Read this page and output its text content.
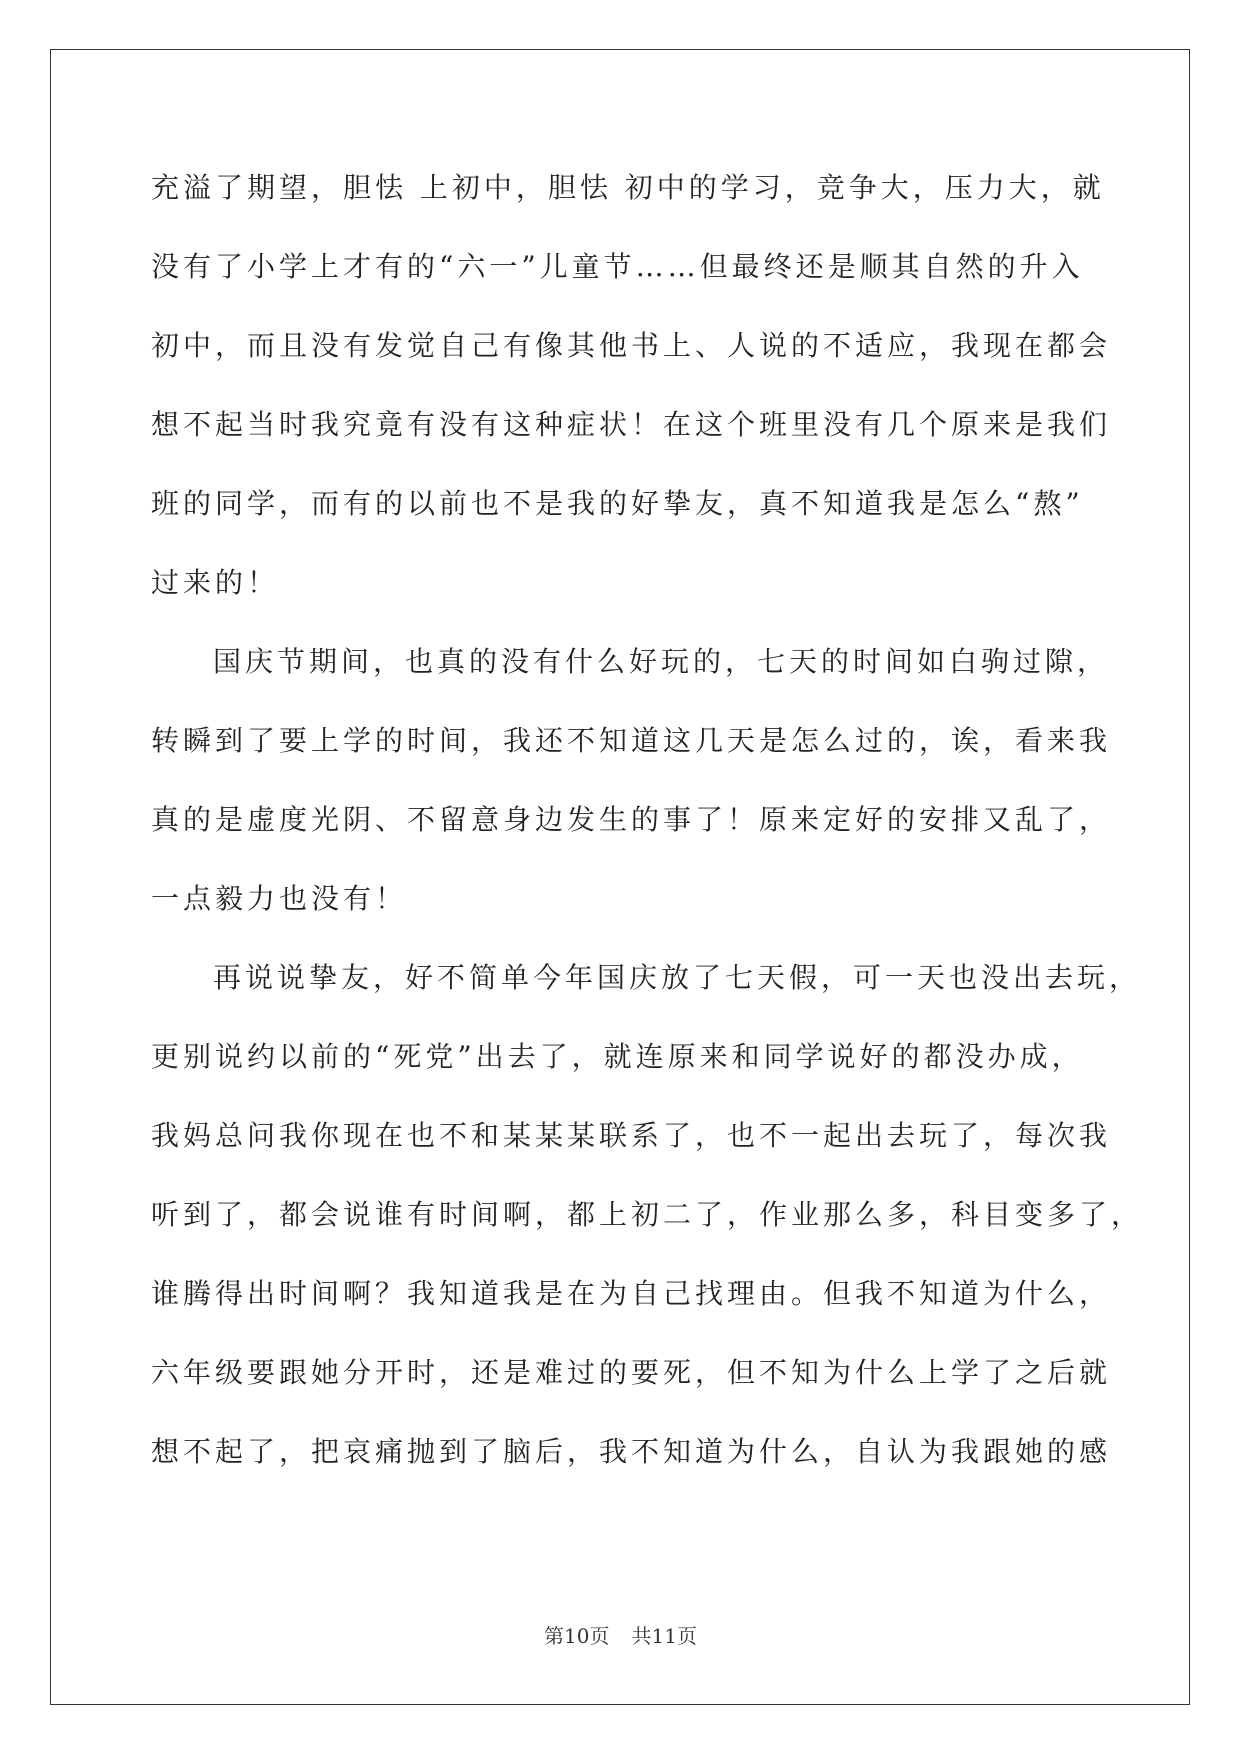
充溢了期望，胆怯 上初中，胆怯 初中的学习，竞争大，压力大，就
没有了小学上才有的“六一”儿童节……但最终还是顺其自然的升入
初中，而且没有发觉自己有像其他书上、人说的不适应，我现在都会
想不起当时我究竟有没有这种症状！在这个班里没有几个原来是我们
班的同学，而有的以前也不是我的好挚友，真不知道我是怎么“熬”
过来的！
国庆节期间，也真的没有什么好玩的，七天的时间如白驹过隙，
转瞬到了要上学的时间，我还不知道这几天是怎么过的，诶，看来我
真的是虚度光阴、不留意身边发生的事了！原来定好的安排又乱了，
一点毅力也没有！
再说说挚友，好不简单今年国庆放了七天假，可一天也没出去玩，
更别说约以前的“死党”出去了，就连原来和同学说好的都没办成，
我妈总问我你现在也不和某某某联系了，也不一起出去玩了，每次我
听到了，都会说谁有时间啊，都上初二了，作业那么多，科目变多了，
谁腾得出时间啊？我知道我是在为自己找理由。但我不知道为什么，
六年级要跟她分开时，还是难过的要死，但不知为什么上学了之后就
想不起了，把哀痛抛到了脑后，我不知道为什么，自认为我跟她的感
第10页 共11页
